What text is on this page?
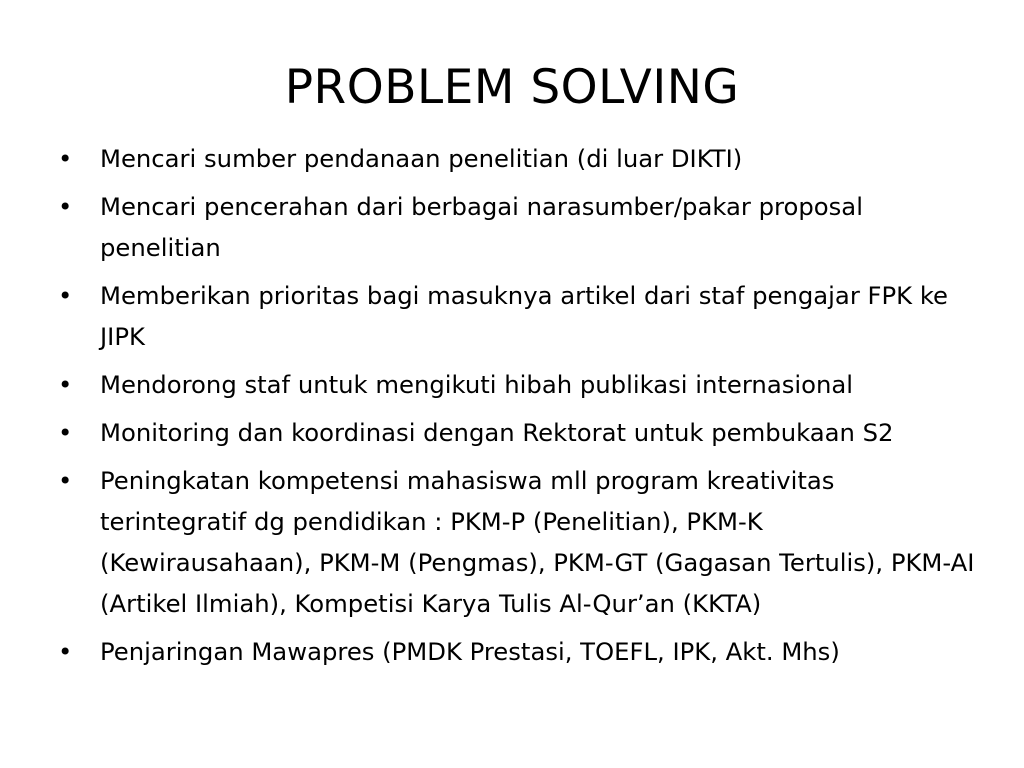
PROBLEM SOLVING
• Mencari sumber pendanaan penelitian (di luar DIKTI)
• Mencari pencerahan dari berbagai narasumber/pakar proposal penelitian
• Memberikan prioritas bagi masuknya artikel dari staf pengajar FPK ke JIPK
• Mendorong staf untuk mengikuti hibah publikasi internasional
• Monitoring dan koordinasi dengan Rektorat untuk pembukaan S2
• Peningkatan kompetensi mahasiswa mll program kreativitas terintegratif dg pendidikan : PKM-P (Penelitian), PKM-K (Kewirausahaan), PKM-M (Pengmas), PKM-GT (Gagasan Tertulis), PKM-AI (Artikel Ilmiah), Kompetisi Karya Tulis Al-Qur’an (KKTA)
• Penjaringan Mawapres (PMDK Prestasi, TOEFL, IPK, Akt. Mhs)
